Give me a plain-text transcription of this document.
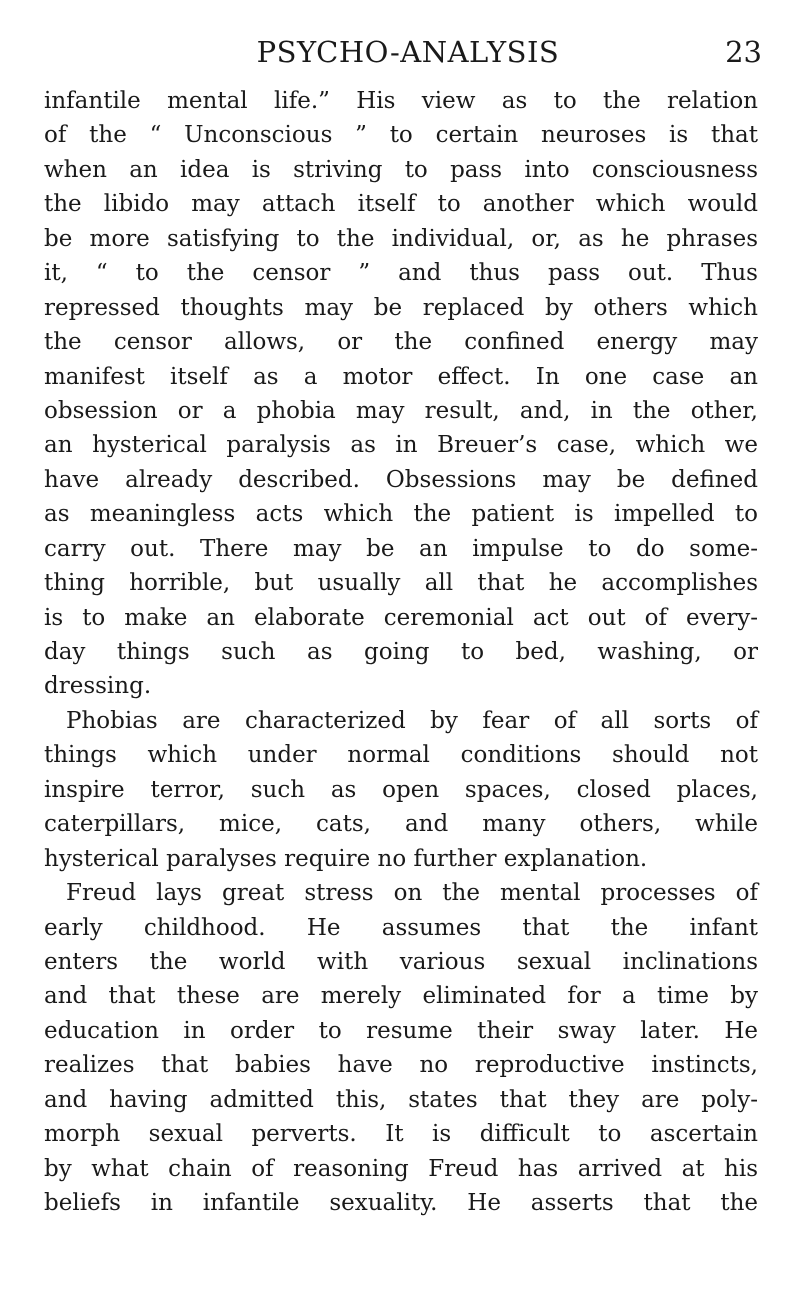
PSYCHO-ANALYSIS	23
infantile mental life.” His view as to the relation
of the “ Unconscious ” to certain neuroses is that
when an idea is striving to pass into consciousness
the libido may attach itself to another which would
be more satisfying to the individual, or, as he phrases
it, “ to the censor ” and thus pass out. Thus
repressed thoughts may be replaced by others which
the censor allows, or the confined energy may
manifest itself as a motor effect. In one case an
obsession or a phobia may result, and, in the other,
an hysterical paralysis as in Breuer’s case, which we
have already described. Obsessions may be defined
as meaningless acts which the patient is impelled to
carry out. There may be an impulse to do some-
thing horrible, but usually all that he accomplishes
is to make an elaborate ceremonial act out of every-
day things such as going to bed, washing, or
dressing.
Phobias are characterized by fear of all sorts of
things which under normal conditions should not
inspire terror, such as open spaces, closed places,
caterpillars, mice, cats, and many others, while
hysterical paralyses require no further explanation.
Freud lays great stress on the mental processes of
early childhood. He assumes that the infant
enters the world with various sexual inclinations
and that these are merely eliminated for a time by
education in order to resume their sway later. He
realizes that babies have no reproductive instincts,
and having admitted this, states that they are poly-
morph sexual perverts. It is difficult to ascertain
by what chain of reasoning Freud has arrived at his
beliefs in infantile sexuality. He asserts that the
